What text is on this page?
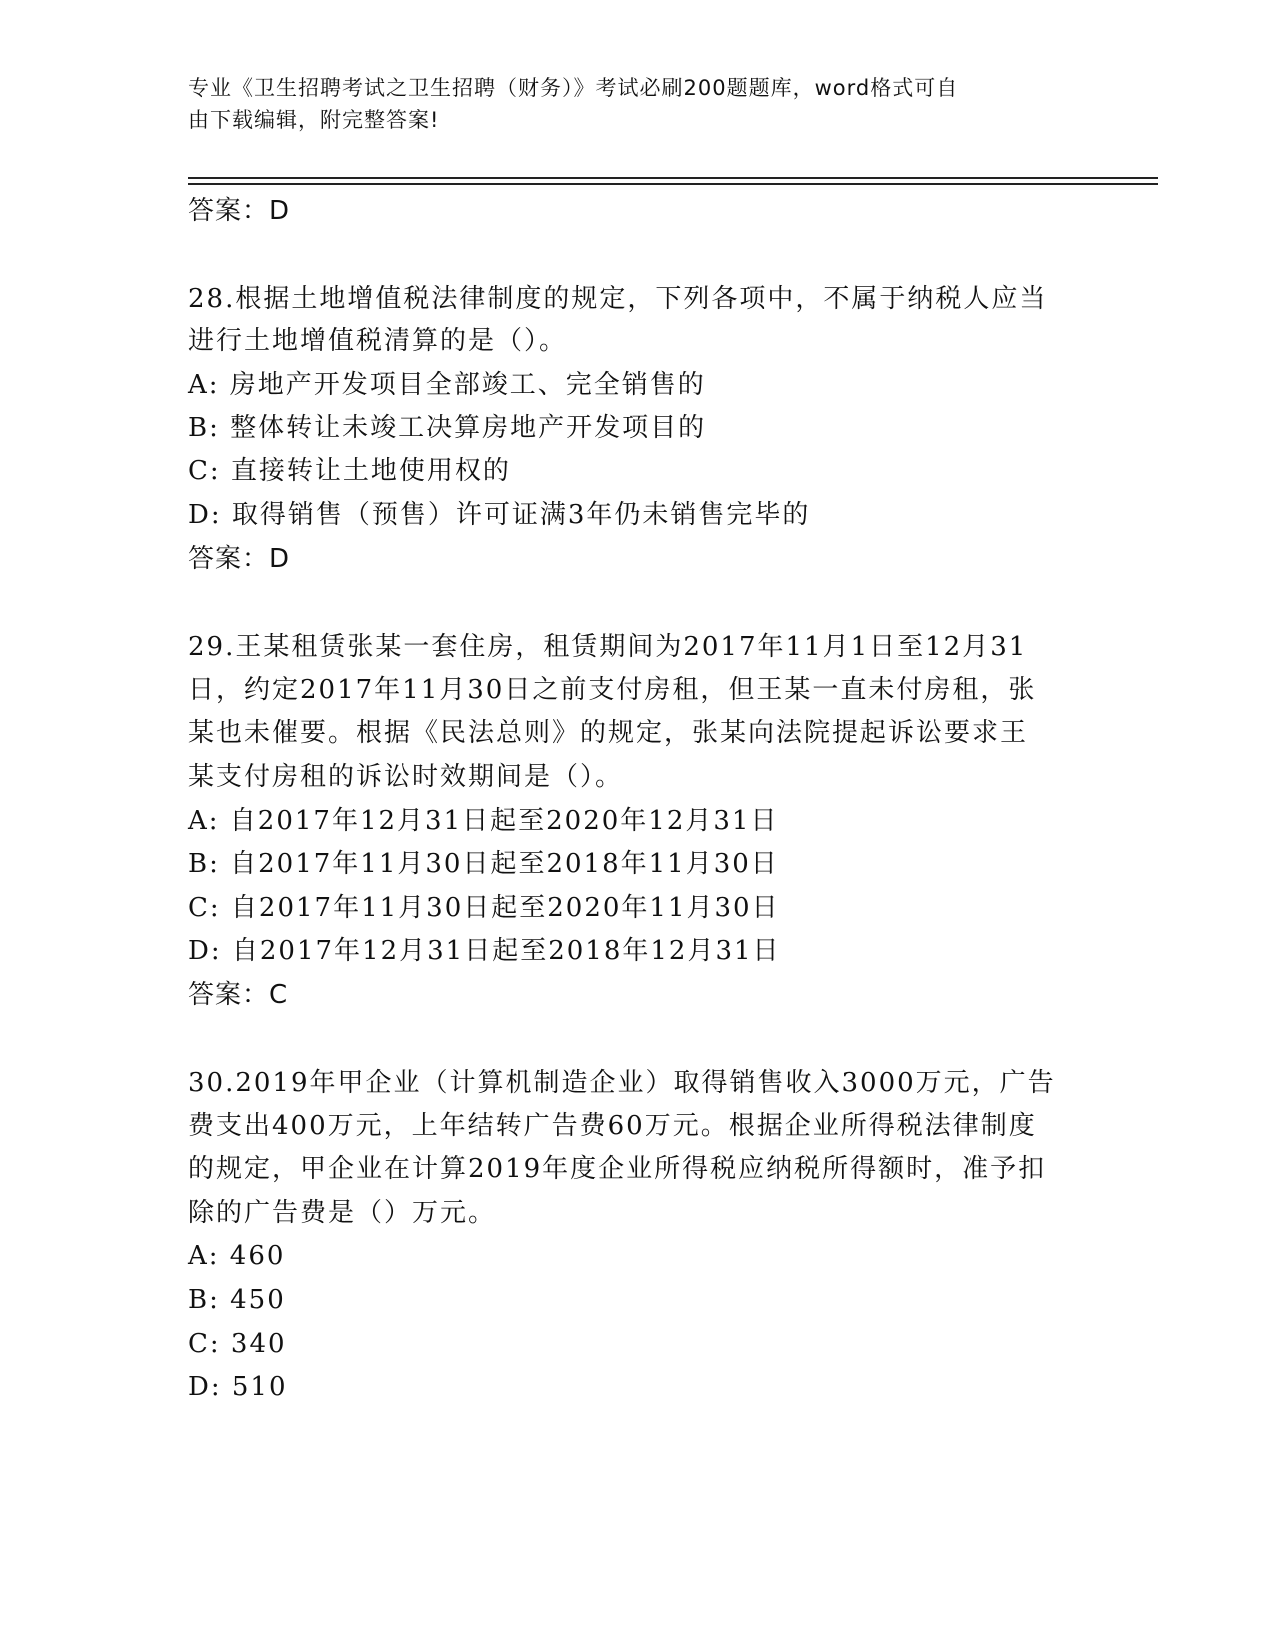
专业《卫生招聘考试之卫生招聘（财务）》考试必刷200题题库，word格式可自
由下载编辑，附完整答案!
答案：D
28.根据土地增值税法律制度的规定，下列各项中，不属于纳税人应当
进行土地增值税清算的是（）。
A: 房地产开发项目全部竣工、完全销售的
B: 整体转让未竣工决算房地产开发项目的
C: 直接转让土地使用权的
D: 取得销售（预售）许可证满3年仍未销售完毕的
答案：D
29.王某租赁张某一套住房，租赁期间为2017年11月1日至12月31
日，约定2017年11月30日之前支付房租，但王某一直未付房租，张
某也未催要。根据《民法总则》的规定，张某向法院提起诉讼要求王
某支付房租的诉讼时效期间是（）。
A: 自2017年12月31日起至2020年12月31日
B: 自2017年11月30日起至2018年11月30日
C: 自2017年11月30日起至2020年11月30日
D: 自2017年12月31日起至2018年12月31日
答案：C
30.2019年甲企业（计算机制造企业）取得销售收入3000万元，广告
费支出400万元，上年结转广告费60万元。根据企业所得税法律制度
的规定，甲企业在计算2019年度企业所得税应纳税所得额时，准予扣
除的广告费是（）万元。
A: 460
B: 450
C: 340
D: 510
